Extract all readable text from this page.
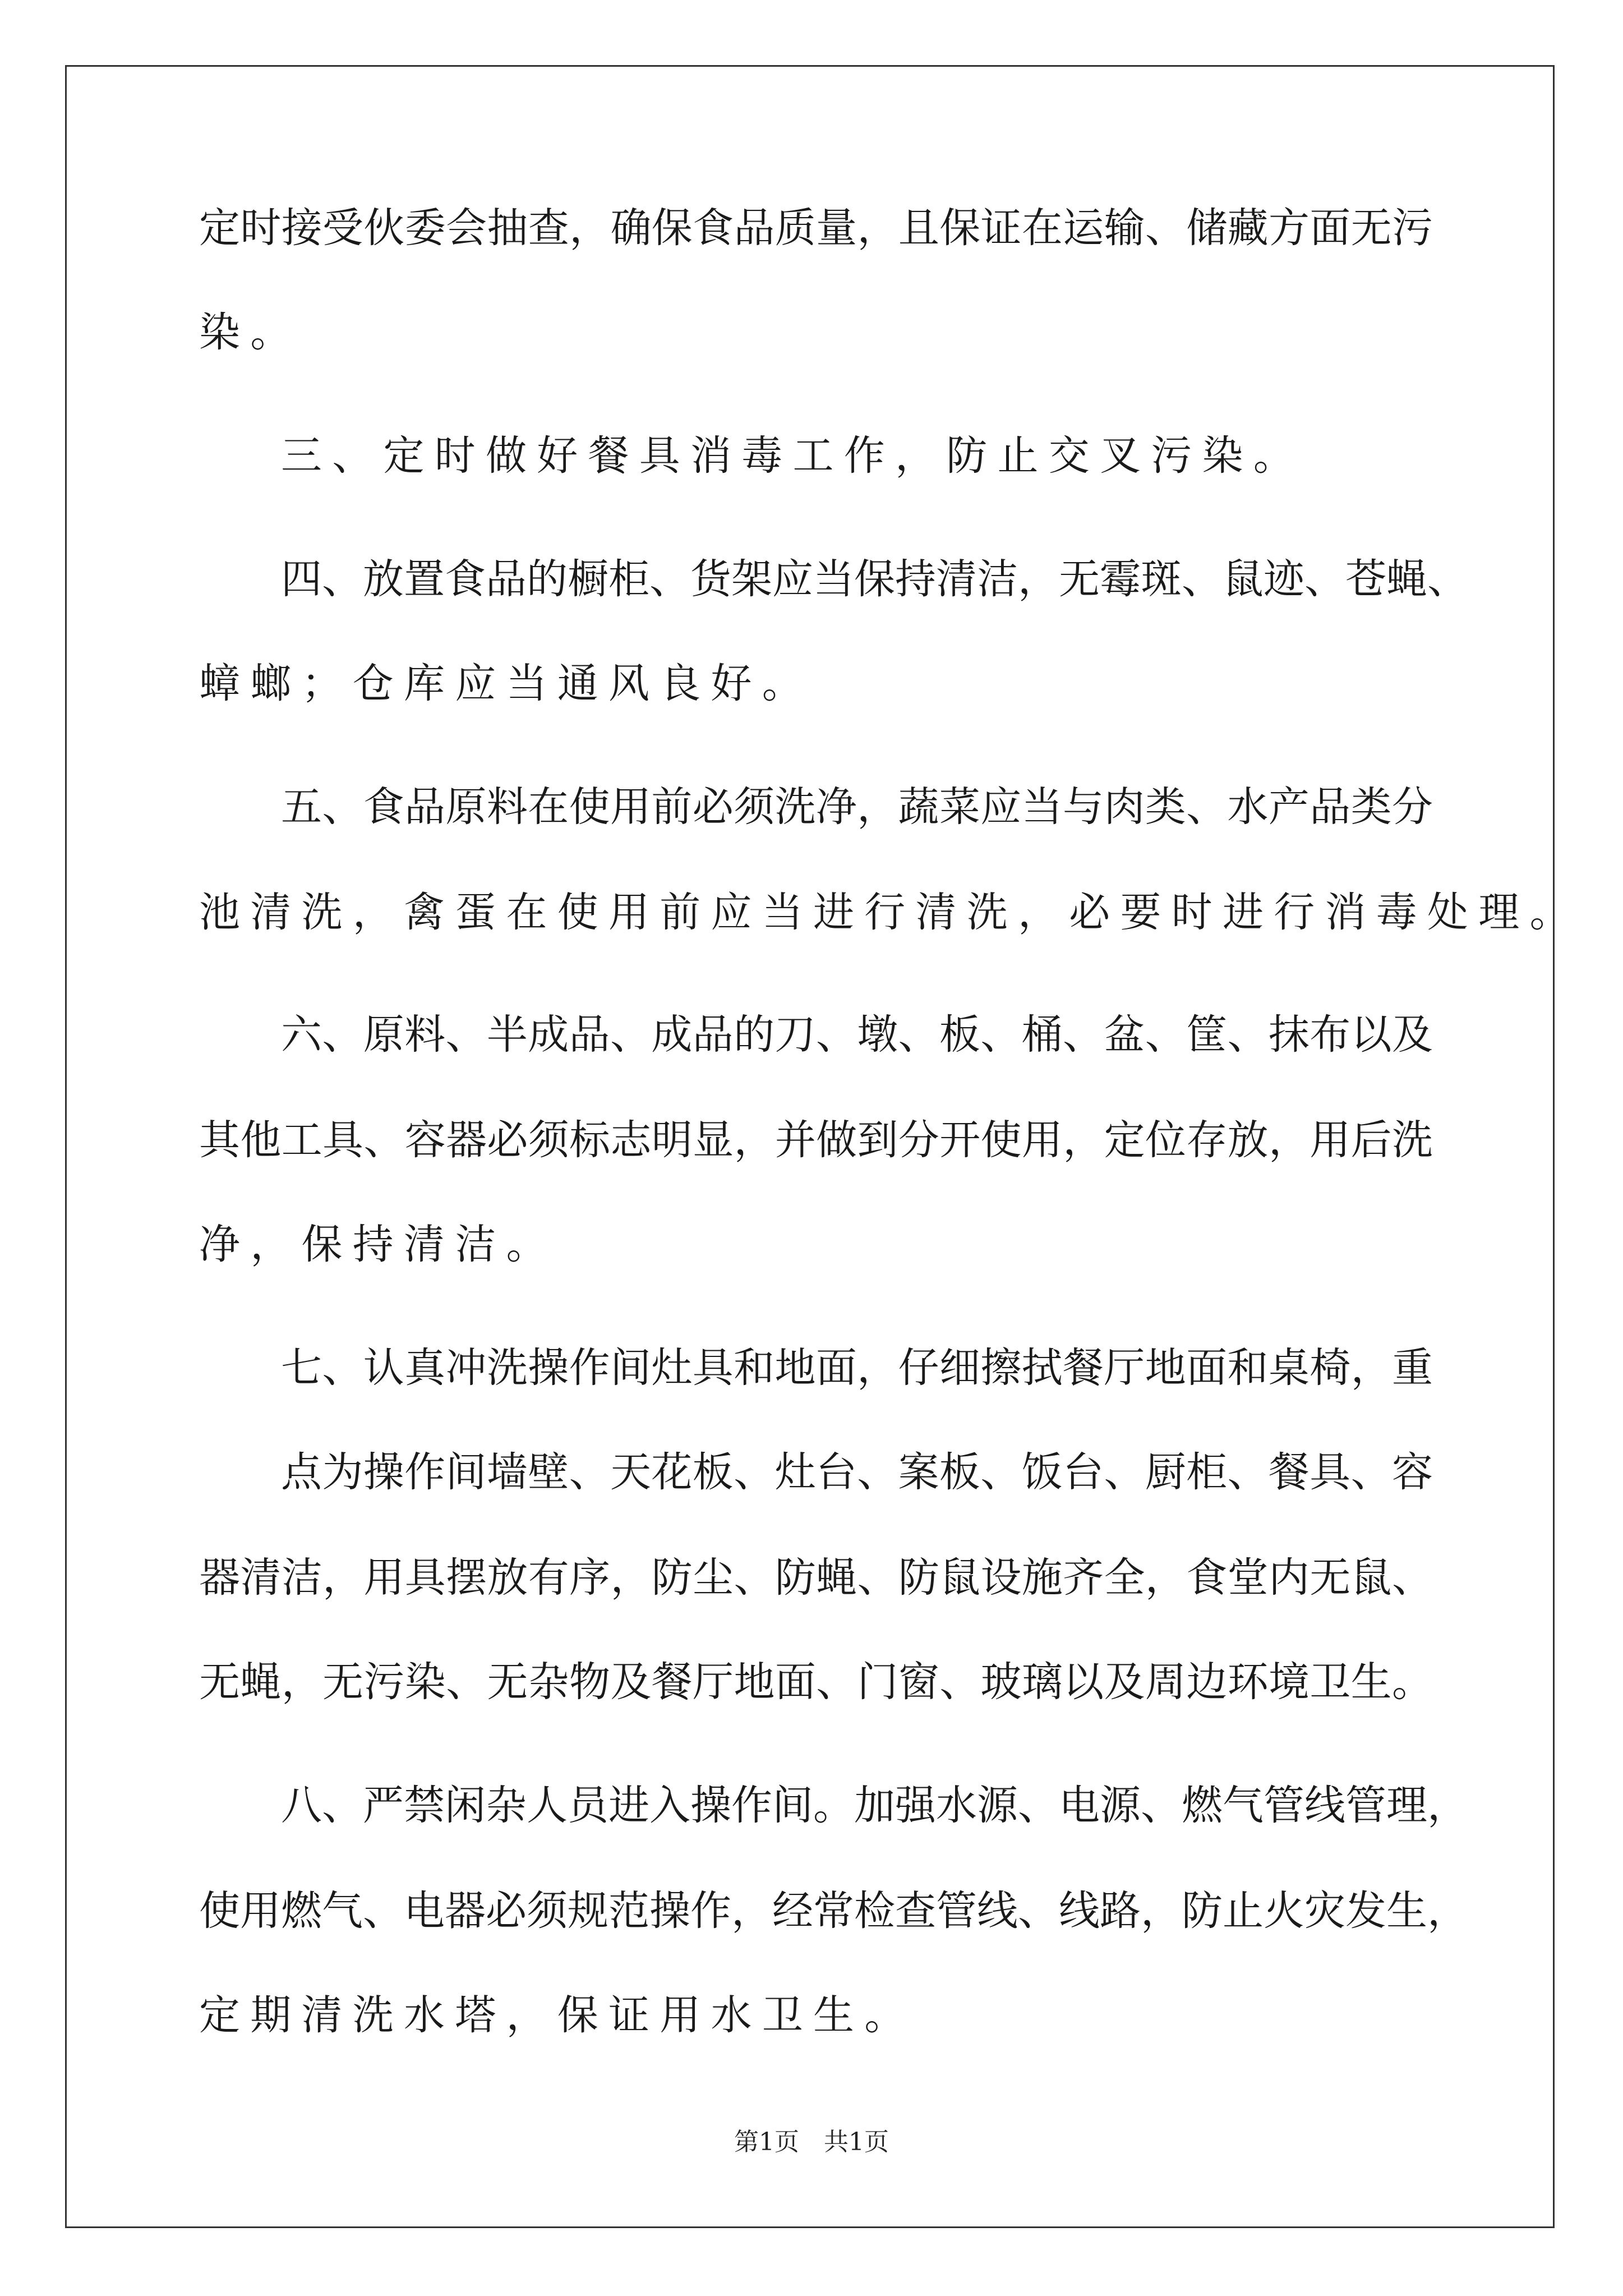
定时接受伙委会抽查，确保食品质量，且保证在运输、储藏方面无污
染。
三、定时做好餐具消毒工作，防止交叉污染。
四、放置食品的橱柜、货架应当保持清洁，无霉斑、鼠迹、苍蝇、
蟑螂；仓库应当通风良好。
五、食品原料在使用前必须洗净，蔬菜应当与肉类、水产品类分
池清洗，禽蛋在使用前应当进行清洗，必要时进行消毒处理。
六、原料、半成品、成品的刀、墩、板、桶、盆、筐、抹布以及
其他工具、容器必须标志明显，并做到分开使用，定位存放，用后洗
净，保持清洁。
七、认真冲洗操作间灶具和地面，仔细擦拭餐厅地面和桌椅，重
点为操作间墙壁、天花板、灶台、案板、饭台、厨柜、餐具、容
器清洁，用具摆放有序，防尘、防蝇、防鼠设施齐全，食堂内无鼠、
无蝇，无污染、无杂物及餐厅地面、门窗、玻璃以及周边环境卫生。
八、严禁闲杂人员进入操作间。加强水源、电源、燃气管线管理，
使用燃气、电器必须规范操作，经常检查管线、线路，防止火灾发生，
定期清洗水塔，保证用水卫生。
第1页　共1页
